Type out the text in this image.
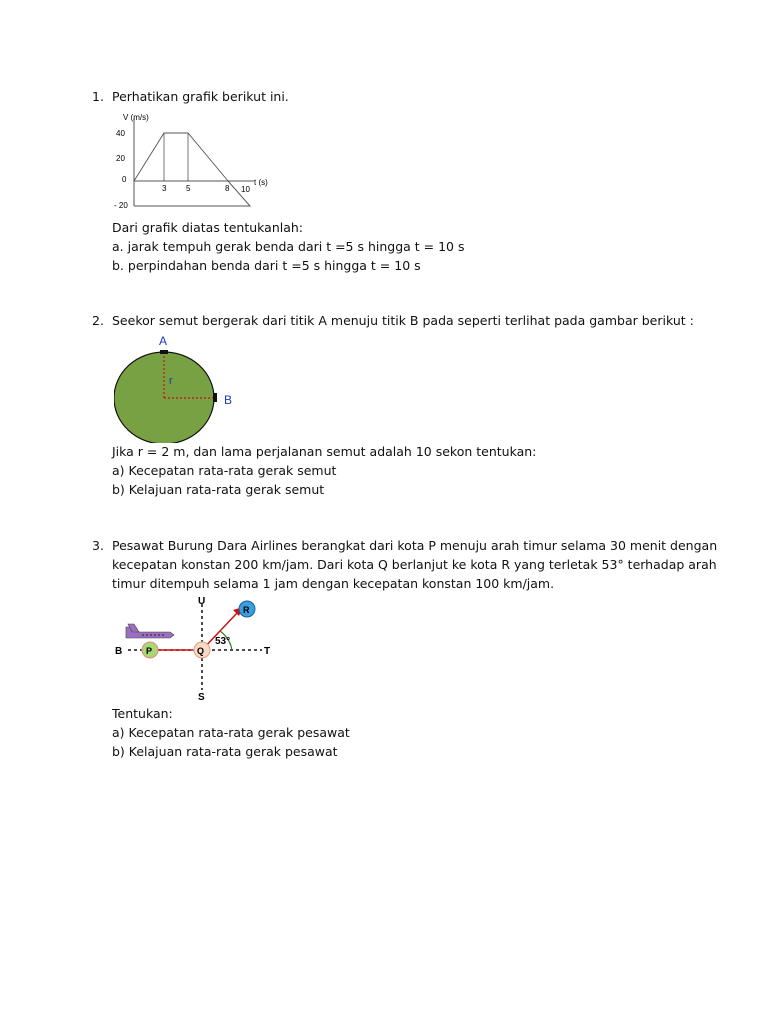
1. Perhatikan grafik berikut ini.
V (m/s)
40
20
0
- 20
3 5	8 10
t (s)
Dari grafik diatas tentukanlah:
a. jarak tempuh gerak benda dari t =5 s hingga t = 10 s
b. perpindahan benda dari t =5 s hingga t = 10 s
2. Seekor semut bergerak dari titik A menuju titik B pada seperti terlihat pada gambar berikut :
A
B
r
Jika r = 2 m, dan lama perjalanan semut adalah 10 sekon tentukan:
a) Kecepatan rata-rata gerak semut
b) Kelajuan rata-rata gerak semut
3. Pesawat Burung Dara Airlines berangkat dari kota P menuju arah timur selama 30 menit dengan
kecepatan konstan 200 km/jam. Dari kota Q berlanjut ke kota R yang terletak 53° terhadap arah
timur ditempuh selama 1 jam dengan kecepatan konstan 100 km/jam.
U
S
B	T
P	Q
R
53°
Tentukan:
a) Kecepatan rata-rata gerak pesawat
b) Kelajuan rata-rata gerak pesawat
